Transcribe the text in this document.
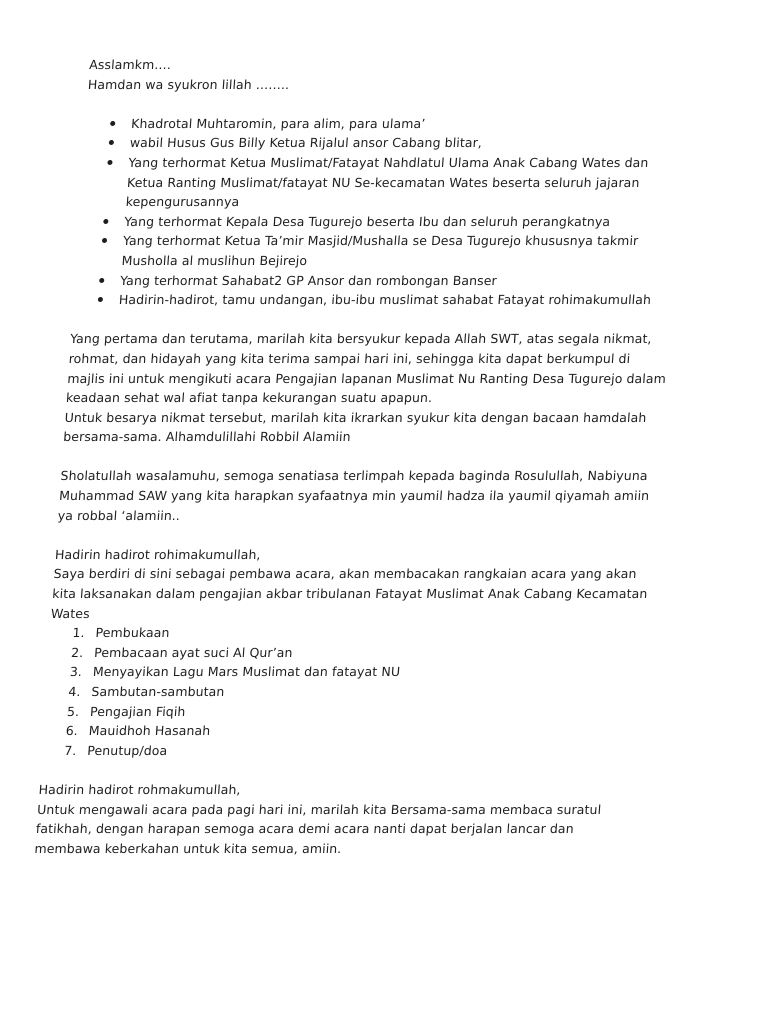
Asslamkm….

Hamdan wa syukron lillah ……..

Khadrotal Muhtaromin, para alim, para ulama’
wabil Husus Gus Billy Ketua Rijalul ansor Cabang blitar,
Yang terhormat Ketua Muslimat/Fatayat Nahdlatul Ulama Anak Cabang Wates dan Ketua Ranting Muslimat/fatayat NU Se-kecamatan Wates beserta seluruh jajaran kepengurusannya
Yang terhormat Kepala Desa Tugurejo beserta Ibu dan seluruh perangkatnya
Yang terhormat Ketua Ta’mir Masjid/Mushalla se Desa Tugurejo khususnya takmir Musholla al muslihun Bejirejo
Yang terhormat Sahabat2 GP Ansor dan rombongan Banser
Hadirin-hadirot, tamu undangan, ibu-ibu muslimat sahabat Fatayat rohimakumullah

Yang pertama dan terutama, marilah kita bersyukur kepada Allah SWT, atas segala nikmat, rohmat, dan hidayah yang kita terima sampai hari ini, sehingga kita dapat berkumpul di majlis ini untuk mengikuti acara Pengajian lapanan Muslimat Nu Ranting Desa Tugurejo dalam keadaan sehat wal afiat tanpa kekurangan suatu apapun.

Untuk besarya nikmat tersebut, marilah kita ikrarkan syukur kita dengan bacaan hamdalah bersama-sama. Alhamdulillahi Robbil Alamiin

Sholatullah wasalamuhu, semoga senatiasa terlimpah kepada baginda Rosulullah, Nabiyuna Muhammad SAW yang kita harapkan syafaatnya min yaumil hadza ila yaumil qiyamah amiin ya robbal ‘alamiin..

Hadirin hadirot rohimakumullah,

Saya berdiri di sini sebagai pembawa acara, akan membacakan rangkaian acara yang akan kita laksanakan dalam pengajian akbar tribulanan Fatayat Muslimat Anak Cabang Kecamatan Wates

1. Pembukaan
2. Pembacaan ayat suci Al Qur’an
3. Menyayikan Lagu Mars Muslimat dan fatayat NU
4. Sambutan-sambutan
5. Pengajian Fiqih
6. Mauidhoh Hasanah
7. Penutup/doa

Hadirin hadirot rohmakumullah,

Untuk mengawali acara pada pagi hari ini, marilah kita Bersama-sama membaca suratul fatikhah, dengan harapan semoga acara demi acara nanti dapat berjalan lancar dan membawa keberkahan untuk kita semua, amiin.
